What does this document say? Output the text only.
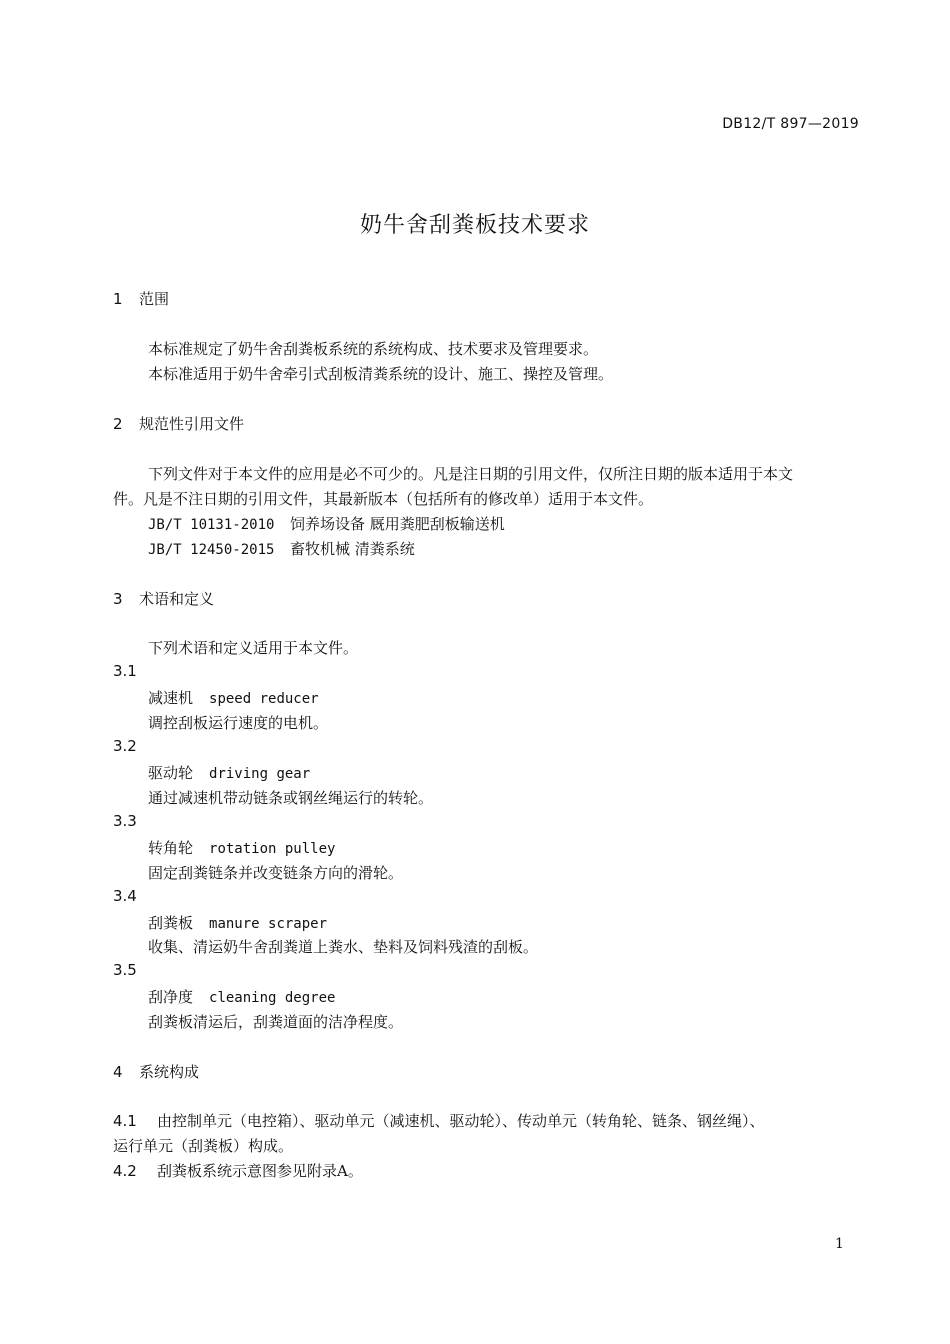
DB12/T 897—2019
奶牛舍刮粪板技术要求
1 范围
本标准规定了奶牛舍刮粪板系统的系统构成、技术要求及管理要求。
本标准适用于奶牛舍牵引式刮板清粪系统的设计、施工、操控及管理。
2 规范性引用文件
下列文件对于本文件的应用是必不可少的。凡是注日期的引用文件，仅所注日期的版本适用于本文
件。凡是不注日期的引用文件，其最新版本（包括所有的修改单）适用于本文件。
JB/T 10131-2010 饲养场设备 厩用粪肥刮板输送机
JB/T 12450-2015 畜牧机械 清粪系统
3 术语和定义
下列术语和定义适用于本文件。
3.1
减速机 speed reducer
调控刮板运行速度的电机。
3.2
驱动轮 driving gear
通过减速机带动链条或钢丝绳运行的转轮。
3.3
转角轮 rotation pulley
固定刮粪链条并改变链条方向的滑轮。
3.4
刮粪板 manure scraper
收集、清运奶牛舍刮粪道上粪水、垫料及饲料残渣的刮板。
3.5
刮净度 cleaning degree
刮粪板清运后，刮粪道面的洁净程度。
4 系统构成
4.1 由控制单元（电控箱）、驱动单元（减速机、驱动轮）、传动单元（转角轮、链条、钢丝绳）、
运行单元（刮粪板）构成。
4.2 刮粪板系统示意图参见附录A。
1
